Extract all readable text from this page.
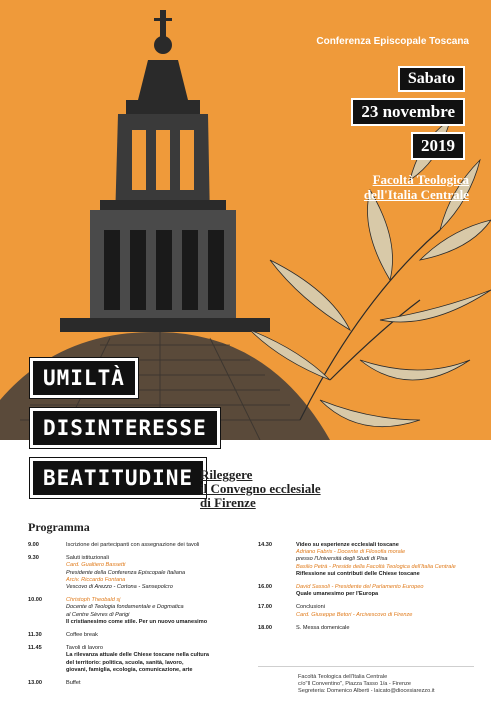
Conferenza Episcopale Toscana
Sabato
23 novembre
2019
Facoltà Teologica dell'Italia Centrale
UMILTÀ
DISINTERESSE
BEATITUDINE Rileggere
il Convegno ecclesiale
di Firenze
Programma
9.00	Iscrizione dei partecipanti con assegnazione dei tavoli
9.30	Saluti istituzionali
Card. Gualtiero Bassetti
Presidente della Conferenza Episcopale Italiana
Arciv. Riccardo Fontana
Vescovo di Arezzo - Cortona - Sansepolcro
10.00	Christoph Theobald sj
Docente di Teologia fondamentale e Dogmatica
al Centre Sèvres di Parigi
Il cristianesimo come stile. Per un nuovo umanesimo
11.30	Coffee break
11.45	Tavoli di lavoro
La rilevanza attuale delle Chiese toscane nella cultura
del territorio: politica, scuola, sanità, lavoro,
giovani, famiglia, ecologia, comunicazione, arte
13.00	Buffet
14.30	Video su esperienze ecclesiali toscane
Adriano Fabris - Docente di Filosofia morale
presso l'Università degli Studi di Pisa
Basilio Petrà - Preside della Facoltà Teologica dell'Italia Centrale
Riflessione sui contributi delle Chiese toscane
16.00	David Sassoli - Presidente del Parlamento Europeo
Quale umanesimo per l'Europa
17.00	Conclusioni
Card. Giuseppe Betori - Arcivescovo di Firenze
18.00	S. Messa domenicale
Facoltà Teologica dell'Italia Centrale
c/o"Il Conventino", Piazza Tasso 1/a - Firenze
Segreteria: Domenico Alberti - laicato@diocesiarezzo.it
